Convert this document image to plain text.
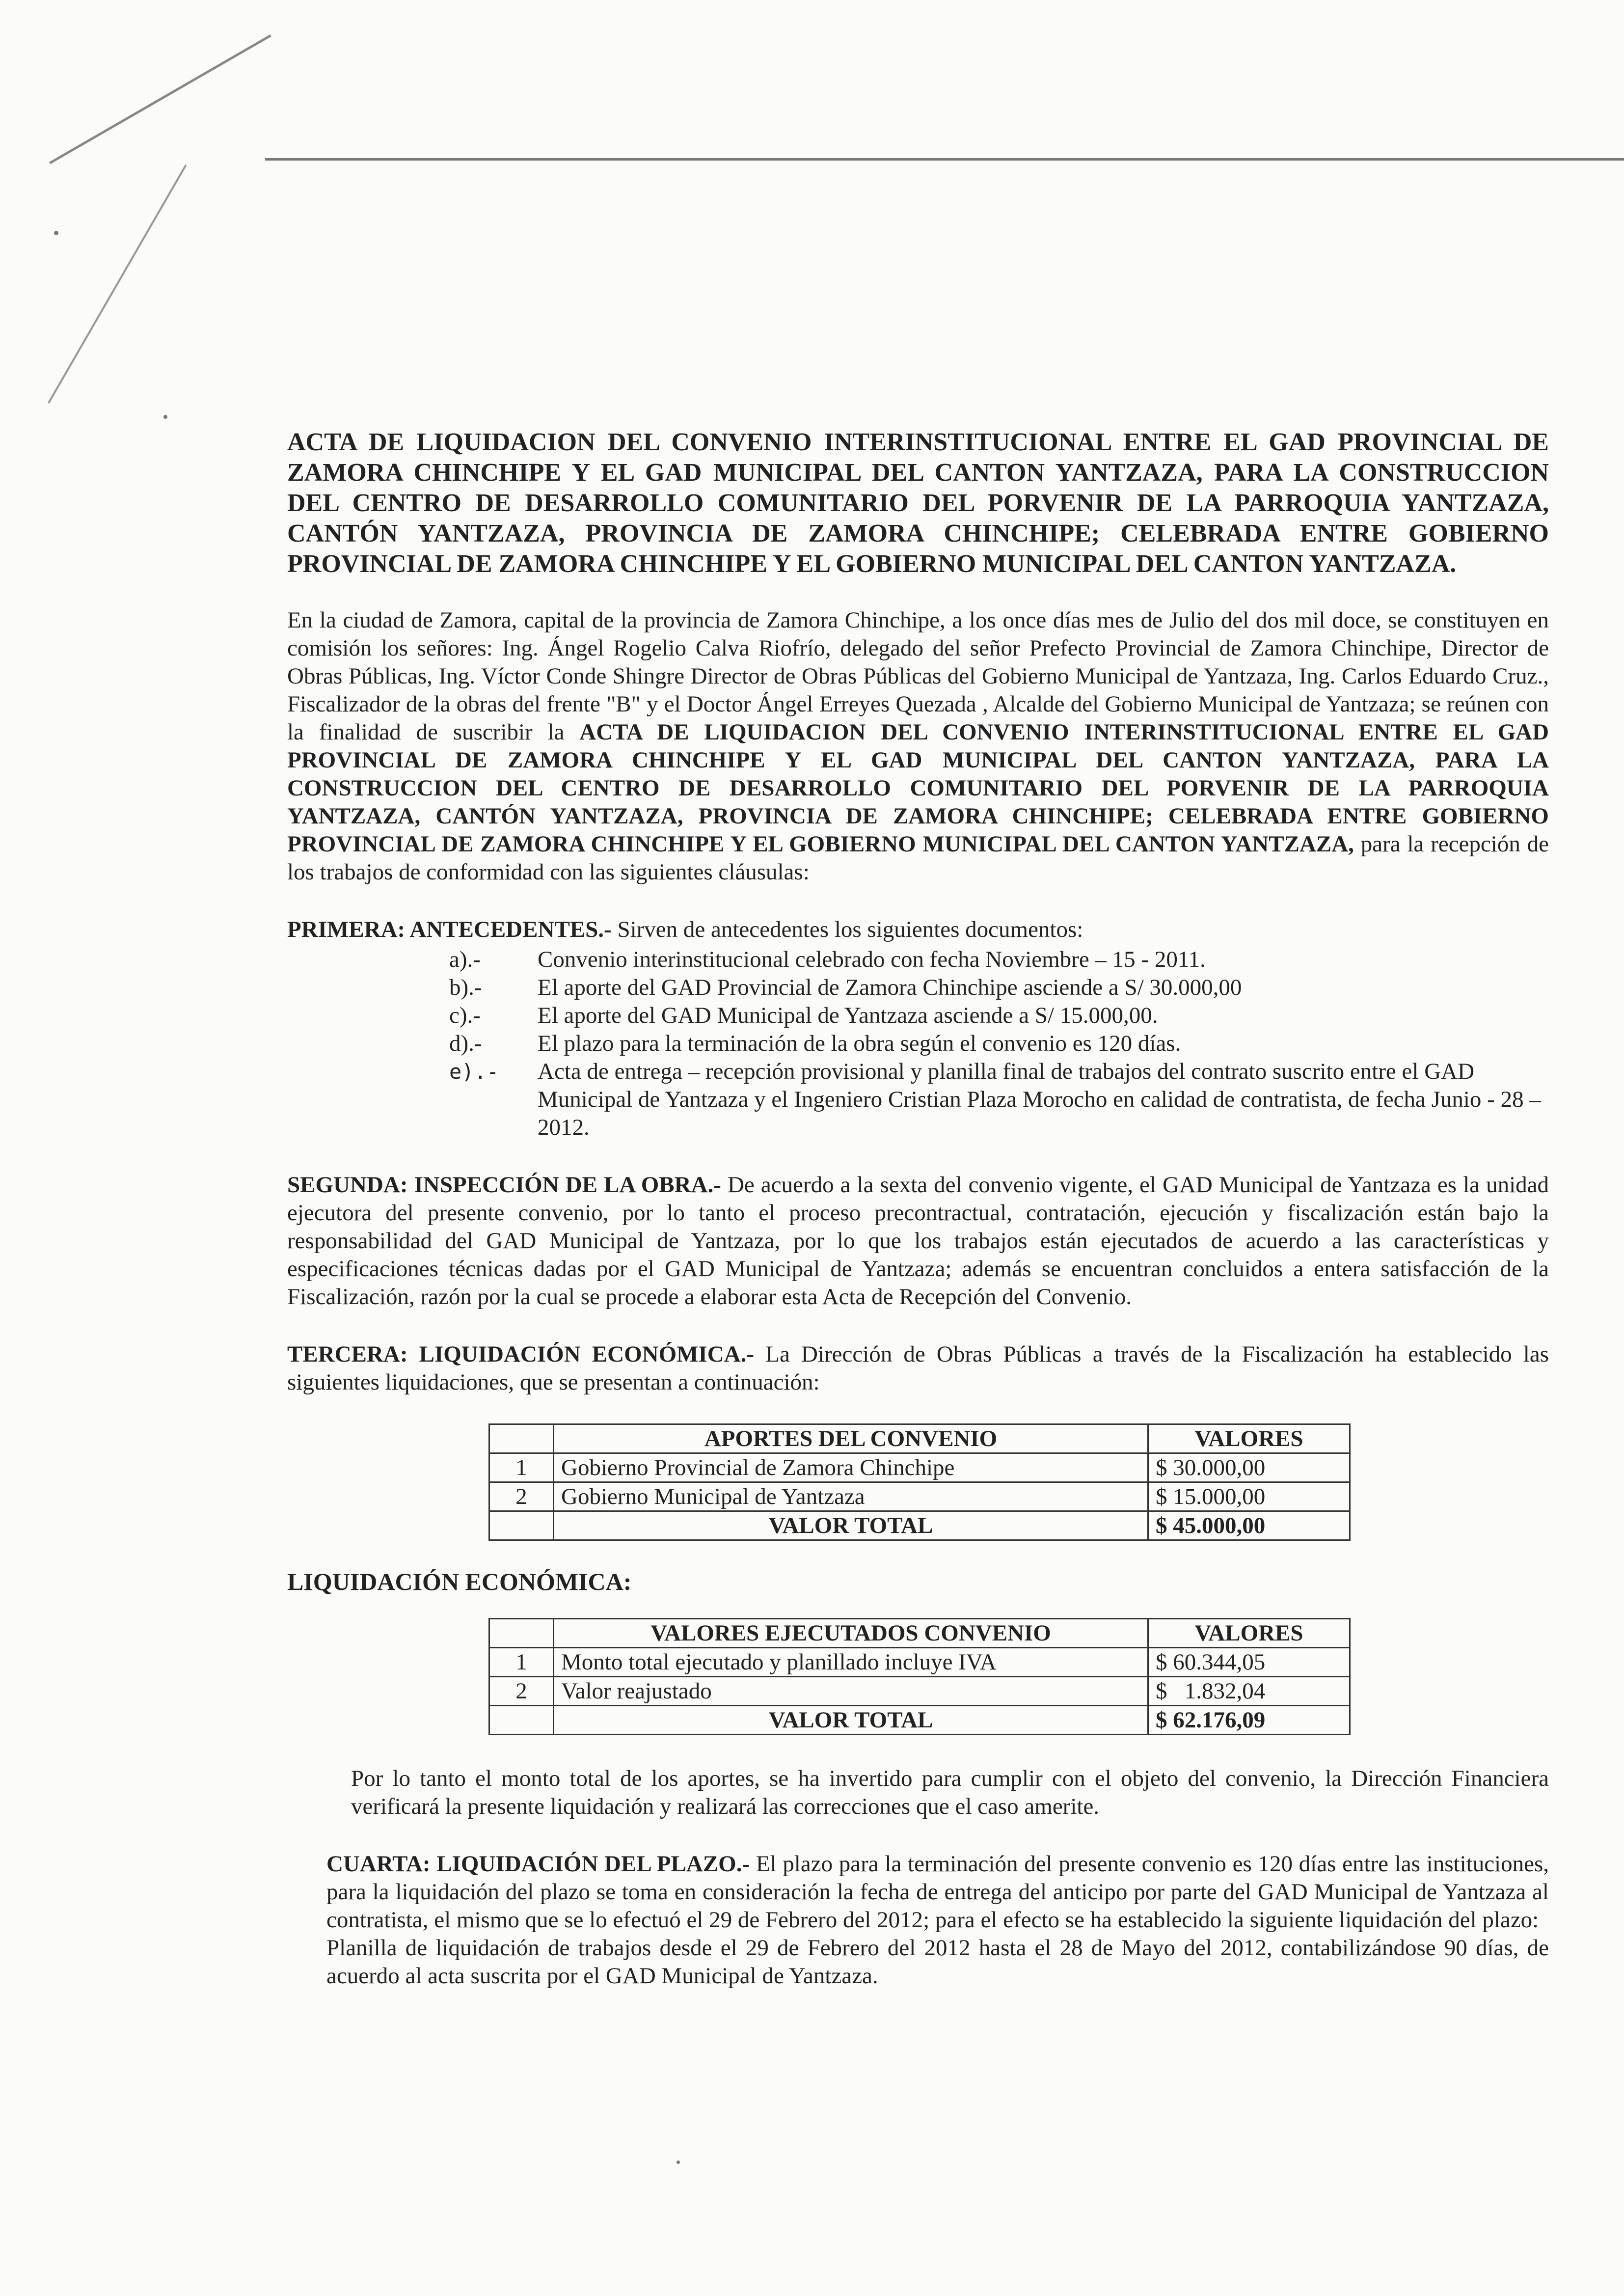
ACTA DE LIQUIDACION DEL CONVENIO INTERINSTITUCIONAL ENTRE EL GAD PROVINCIAL DE ZAMORA CHINCHIPE Y EL GAD MUNICIPAL DEL CANTON YANTZAZA, PARA LA CONSTRUCCION DEL CENTRO DE DESARROLLO COMUNITARIO DEL PORVENIR DE LA PARROQUIA YANTZAZA, CANTÓN YANTZAZA, PROVINCIA DE ZAMORA CHINCHIPE; CELEBRADA ENTRE GOBIERNO PROVINCIAL DE ZAMORA CHINCHIPE Y EL GOBIERNO MUNICIPAL DEL CANTON YANTZAZA.

En la ciudad de Zamora, capital de la provincia de Zamora Chinchipe, a los once días mes de Julio del dos mil doce, se constituyen en comisión los señores: Ing. Ángel Rogelio Calva Riofrío, delegado del señor Prefecto Provincial de Zamora Chinchipe, Director de Obras Públicas, Ing. Víctor Conde Shingre Director de Obras Públicas del Gobierno Municipal de Yantzaza, Ing. Carlos Eduardo Cruz., Fiscalizador de la obras del frente "B" y el Doctor Ángel Erreyes Quezada , Alcalde del Gobierno Municipal de Yantzaza; se reúnen con la finalidad de suscribir la ACTA DE LIQUIDACION DEL CONVENIO INTERINSTITUCIONAL ENTRE EL GAD PROVINCIAL DE ZAMORA CHINCHIPE Y EL GAD MUNICIPAL DEL CANTON YANTZAZA, PARA LA CONSTRUCCION DEL CENTRO DE DESARROLLO COMUNITARIO DEL PORVENIR DE LA PARROQUIA YANTZAZA, CANTÓN YANTZAZA, PROVINCIA DE ZAMORA CHINCHIPE; CELEBRADA ENTRE GOBIERNO PROVINCIAL DE ZAMORA CHINCHIPE Y EL GOBIERNO MUNICIPAL DEL CANTON YANTZAZA, para la recepción de los trabajos de conformidad con las siguientes cláusulas:

PRIMERA: ANTECEDENTES.- Sirven de antecedentes los siguientes documentos:

a).-	Convenio interinstitucional celebrado con fecha Noviembre – 15 - 2011.
b).-	El aporte del GAD Provincial de Zamora Chinchipe asciende a S/ 30.000,00
c).-	El aporte del GAD Municipal de Yantzaza asciende a S/ 15.000,00.
d).-	El plazo para la terminación de la obra según el convenio es 120 días.
e).-	Acta de entrega – recepción provisional y planilla final de trabajos del contrato suscrito entre el GAD Municipal de Yantzaza y el Ingeniero Cristian Plaza Morocho en calidad de contratista, de fecha Junio - 28 – 2012.

SEGUNDA: INSPECCIÓN DE LA OBRA.- De acuerdo a la sexta del convenio vigente, el GAD Municipal de Yantzaza es la unidad ejecutora del presente convenio, por lo tanto el proceso precontractual, contratación, ejecución y fiscalización están bajo la responsabilidad del GAD Municipal de Yantzaza, por lo que los trabajos están ejecutados de acuerdo a las características y especificaciones técnicas dadas por el GAD Municipal de Yantzaza; además se encuentran concluidos a entera satisfacción de la Fiscalización, razón por la cual se procede a elaborar esta Acta de Recepción del Convenio.

TERCERA: LIQUIDACIÓN ECONÓMICA.- La Dirección de Obras Públicas a través de la Fiscalización ha establecido las siguientes liquidaciones, que se presentan a continuación:

	APORTES DEL CONVENIO	VALORES
1	Gobierno Provincial de Zamora Chinchipe	$ 30.000,00
2	Gobierno Municipal de Yantzaza	$ 15.000,00
	VALOR TOTAL	$ 45.000,00
LIQUIDACIÓN ECONÓMICA:
	VALORES EJECUTADOS CONVENIO	VALORES
1	Monto total ejecutado y planillado incluye IVA	$ 60.344,05
2	Valor reajustado	$   1.832,04
	VALOR TOTAL	$ 62.176,09

Por lo tanto el monto total de los aportes, se ha invertido para cumplir con el objeto del convenio, la Dirección Financiera verificará la presente liquidación y realizará las correcciones que el caso amerite.

CUARTA: LIQUIDACIÓN DEL PLAZO.- El plazo para la terminación del presente convenio es 120 días entre las instituciones, para la liquidación del plazo se toma en consideración la fecha de entrega del anticipo por parte del GAD Municipal de Yantzaza al contratista, el mismo que se lo efectuó el 29 de Febrero del 2012; para el efecto se ha establecido la siguiente liquidación del plazo:

Planilla de liquidación de trabajos desde el 29 de Febrero del 2012 hasta el 28 de Mayo del 2012, contabilizándose 90 días, de acuerdo al acta suscrita por el GAD Municipal de Yantzaza.
